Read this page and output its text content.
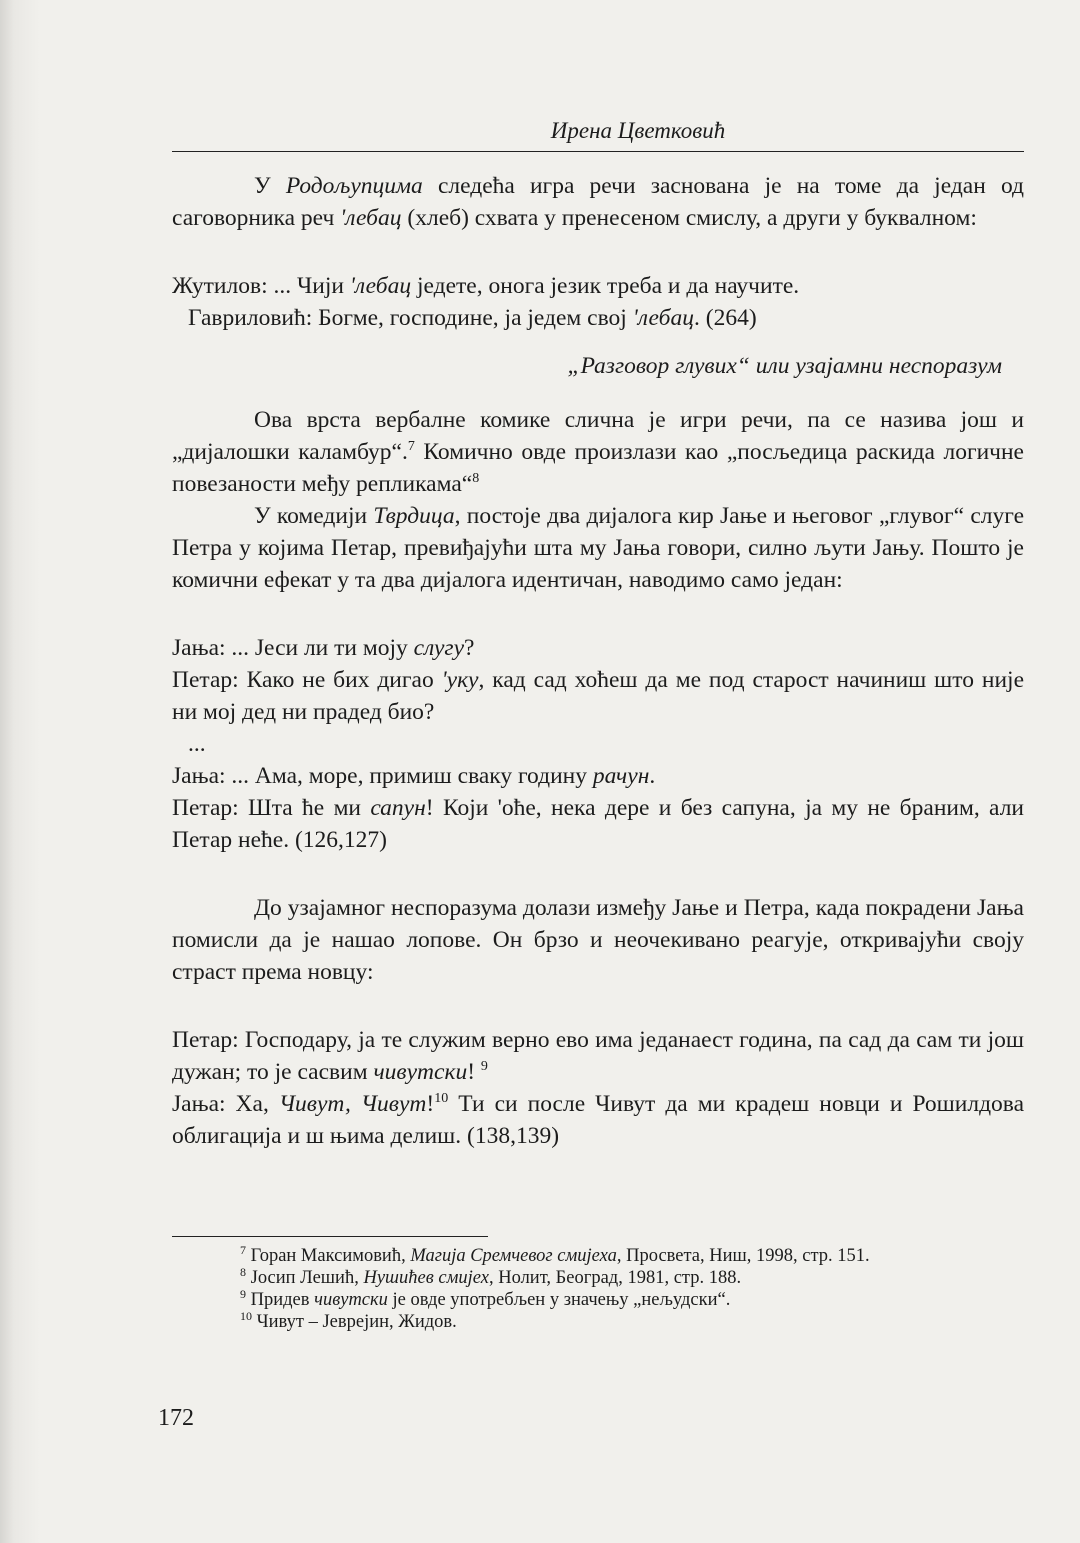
Ирена Цветковић

У Родољупцима следећа игра речи заснована је на томе да један од саговорника реч 'лебац (хлеб) схвата у пренесеном смислу, а други у буквалном:

Жутилов: ... Чији 'лебац једете, онога језик треба и да научите.

Гавриловић: Богме, господине, ја једем свој 'лебац. (264)

„Разговор глувих“ или узајамни неспоразум

Ова врста вербалне комике слична је игри речи, па се назива још и „дијалошки каламбур“.$^7$ Комично овде произлази као „посљедица раскида логичне повезаности међу репликама“$^8$

У комедији Тврдица, постоје два дијалога кир Јање и његовог „глувог“ слуге Петра у којима Петар, превиђајући шта му Јања говори, силно љути Јању. Пошто је комични ефекат у та два дијалога идентичан, наводимо само један:

Јања: ... Јеси ли ти моју слугу?

Петар: Како не бих дигао 'уку, кад сад хоћеш да ме под старост начиниш што није ни мој дед ни прадед био?

...

Јања: ... Ама, море, примиш сваку годину рачун.

Петар: Шта ће ми сапун! Који 'оће, нека дере и без сапуна, ја му не браним, али Петар неће. (126,127)

До узајамног неспоразума долази између Јање и Петра, када покрадени Јања помисли да је нашао лопове. Он брзо и неочекивано реагује, откривајући своју страст према новцу:

Петар: Господару, ја те служим верно ево има једанаест година, па сад да сам ти још дужан; то је сасвим чивутски! $^9$

Јања: Ха, Чивут, Чивут!$^{10}$ Ти си после Чивут да ми крадеш новци и Рошилдова облигација и ш њима делиш. (138,139)

$^7$ Горан Максимовић, Магија Сремчевог смијеха, Просвета, Ниш, 1998, стр. 151.

$^8$ Јосип Лешић, Нушићев смијех, Нолит, Београд, 1981, стр. 188.

$^9$ Придев чивутски је овде употребљен у значењу „нељудски“.

$^{10}$ Чивут – Јеврејин, Жидов.

172
